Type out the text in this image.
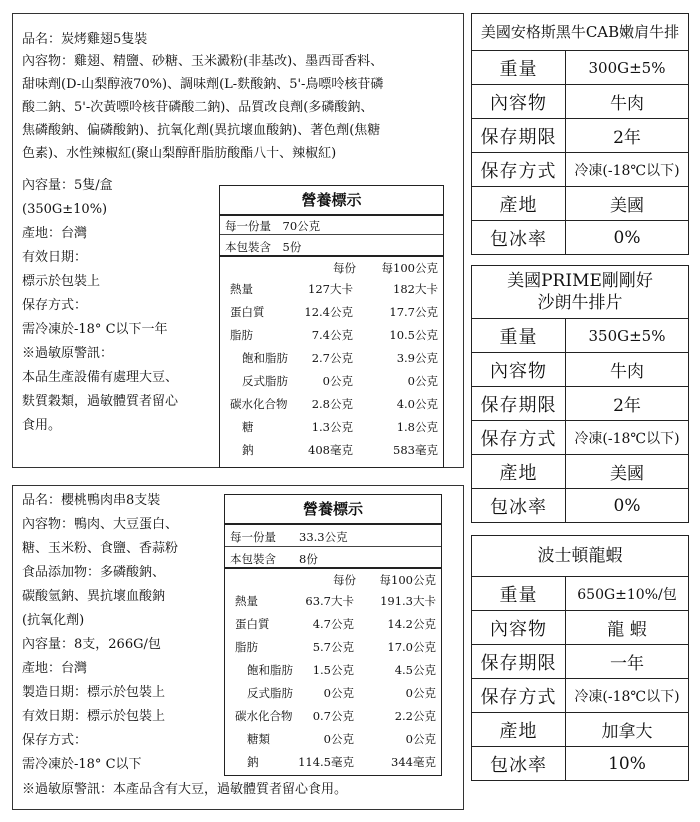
品名：炭烤雞翅5隻裝
內容物：雞翅、精鹽、砂糖、玉米澱粉(非基改)、墨西哥香料、
甜味劑(D-山梨醇液70%)、調味劑(L-麩酸鈉、5'-鳥嘌呤核苷磷
酸二鈉、5'-次黃嘌呤核苷磷酸二鈉)、品質改良劑(多磷酸鈉、
焦磷酸鈉、偏磷酸鈉)、抗氧化劑(異抗壞血酸鈉)、著色劑(焦糖
色素)、水性辣椒紅(聚山梨醇酐脂肪酸酯八十、辣椒紅)
內容量：5隻/盒
(350G±10%)
產地：台灣
有效日期：
標示於包裝上
保存方式：
需冷凍於-18° C以下一年
※過敏原警訊：
本品生產設備有處理大豆、
麩質穀類，過敏體質者留心
食用。
營養標示
每一份量　70公克
本包裝含　5份
每份 每100公克
熱量	127大卡	182大卡
蛋白質	12.4公克	17.7公克
脂肪	7.4公克	10.5公克
飽和脂肪 2.7公克	3.9公克
反式脂肪	0公克	0公克
碳水化合物 2.8公克	4.0公克
糖	1.3公克	1.8公克
鈉	408毫克	583毫克
品名：櫻桃鴨肉串8支裝
內容物：鴨肉、大豆蛋白、
糖、玉米粉、食鹽、香蒜粉
食品添加物：多磷酸鈉、
碳酸氫鈉、異抗壞血酸鈉
(抗氧化劑)
內容量：8支，266G/包
產地：台灣
製造日期：標示於包裝上
有效日期：標示於包裝上
保存方式：
需冷凍於-18° C以下
※過敏原警訊：本產品含有大豆，過敏體質者留心食用。
營養標示
每一份量　　33.3公克
本包裝含　　8份
每份 每100公克
熱量	63.7大卡 191.3大卡
蛋白質	4.7公克	14.2公克
脂肪	5.7公克	17.0公克
飽和脂肪 1.5公克	4.5公克
反式脂肪	0公克	0公克
碳水化合物 0.7公克	2.2公克
糖類	0公克	0公克
鈉	114.5毫克	344毫克
美國安格斯黑牛CAB嫩肩牛排	
重量	300G±5%
內容物	牛肉
保存期限	2年
保存方式	冷凍(-18℃以下)
產地	美國
包冰率	0%
美國PRIME剛剛好
沙朗牛排片	

重量	350G±5%
內容物	牛肉
保存期限	2年
保存方式	冷凍(-18℃以下)
產地	美國
包冰率	0%
波士頓龍蝦	
重量	650G±10%/包
內容物	龍 蝦
保存期限	一年
保存方式	冷凍(-18℃以下)
產地	加拿大
包冰率	10%
